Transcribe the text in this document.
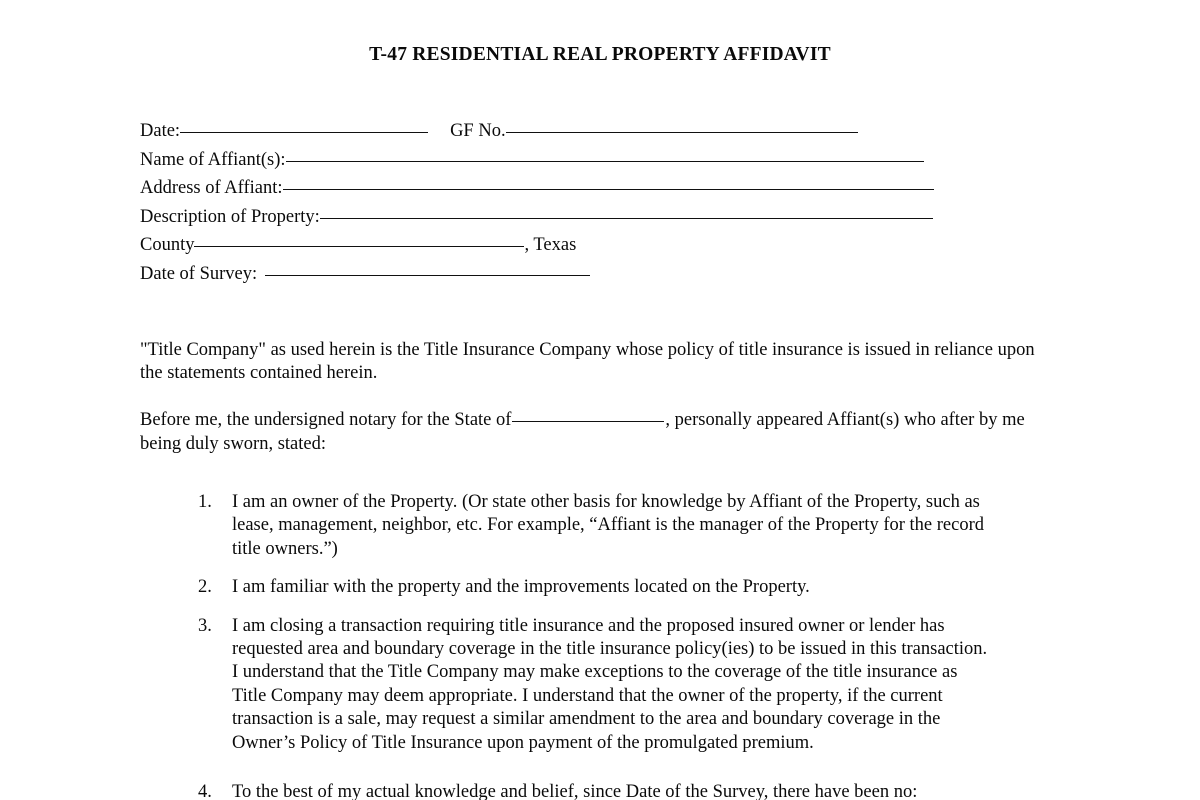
T-47 RESIDENTIAL REAL PROPERTY AFFIDAVIT
Date:	GF No.
Name of Affiant(s):
Address of Affiant:
Description of Property:
County	, Texas
Date of Survey:

"Title Company" as used herein is the Title Insurance Company whose policy of title insurance is issued in reliance upon the statements contained herein.

Before me, the undersigned notary for the State of	, personally appeared Affiant(s) who after by me being duly sworn, stated:

1.	I am an owner of the Property. (Or state other basis for knowledge by Affiant of the Property, such as lease, management, neighbor, etc. For example, “Affiant is the manager of the Property for the record title owners.”)
2.	I am familiar with the property and the improvements located on the Property.
3.	I am closing a transaction requiring title insurance and the proposed insured owner or lender has requested area and boundary coverage in the title insurance policy(ies) to be issued in this transaction. I understand that the Title Company may make exceptions to the coverage of the title insurance as Title Company may deem appropriate. I understand that the owner of the property, if the current transaction is a sale, may request a similar amendment to the area and boundary coverage in the Owner’s Policy of Title Insurance upon payment of the promulgated premium.
4.	To the best of my actual knowledge and belief, since Date of the Survey, there have been no:
